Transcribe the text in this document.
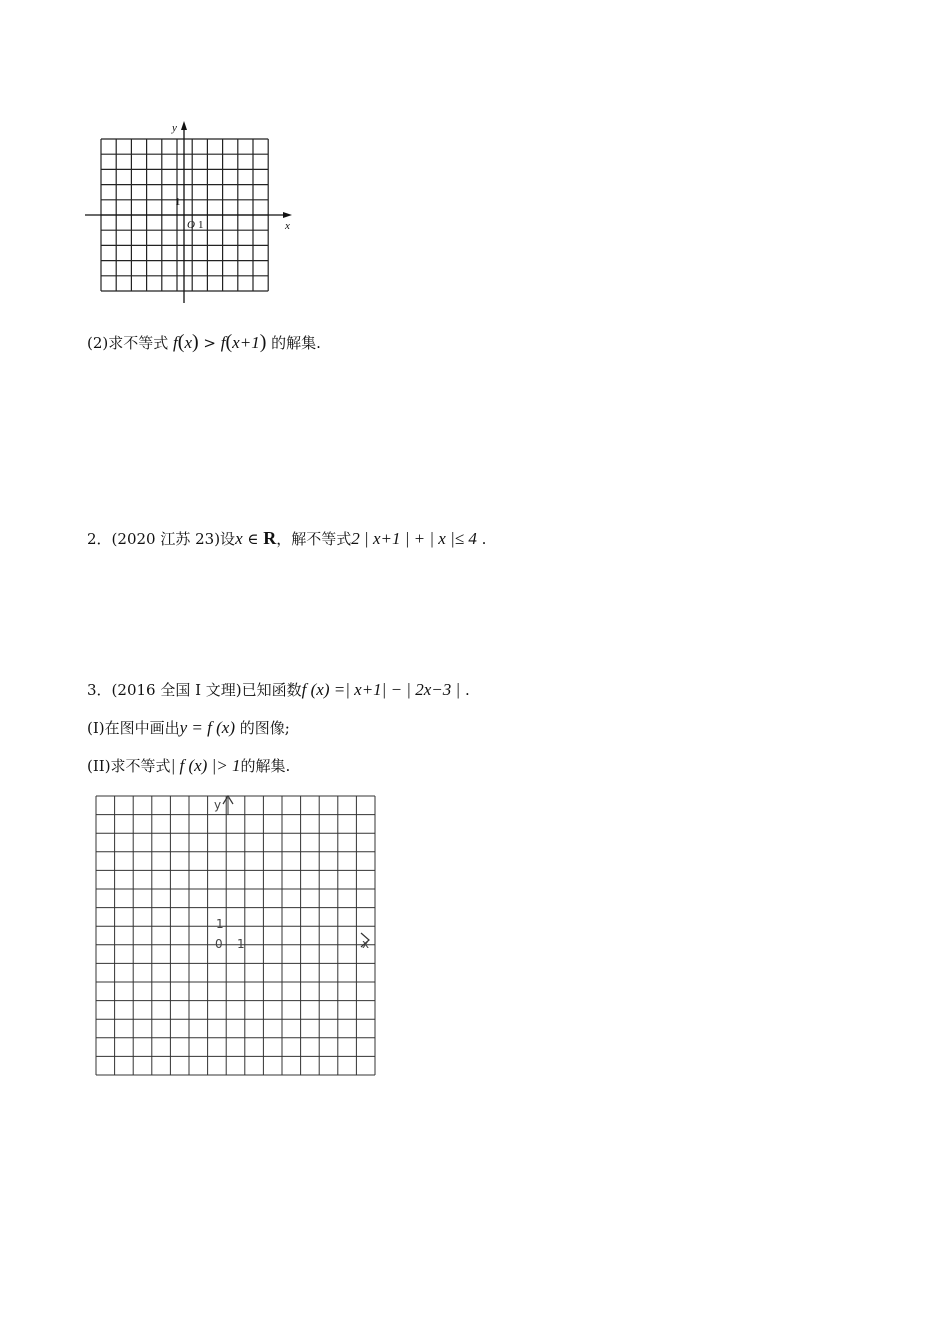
y
x
1
O 1
(2)求不等式 f(x) > f(x+1) 的解集.
2．(2020 江苏 23)设x ∈ R，解不等式2 | x+1 | + | x |≤ 4 .
3．(2016 全国 I 文理)已知函数f (x) =| x+1| − | 2x−3 | .
(I)在图中画出y = f (x) 的图像;
(II)求不等式| f (x) |> 1的解集.
y
x
1
0 1
